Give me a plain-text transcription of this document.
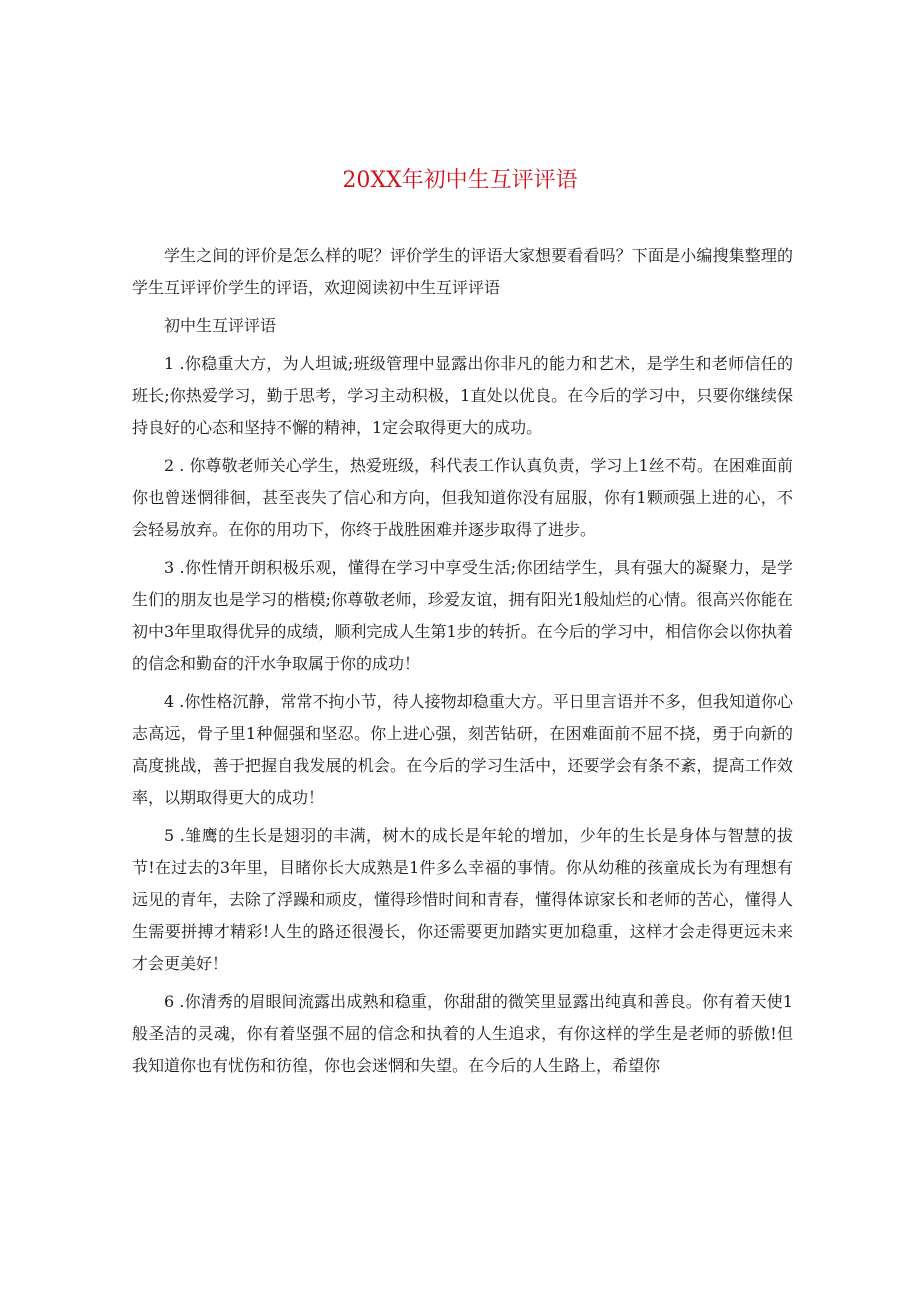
20XX年初中生互评评语

学生之间的评价是怎么样的呢？评价学生的评语大家想要看看吗？下面是小编搜集整理的学生互评评价学生的评语，欢迎阅读初中生互评评语

初中生互评评语

1 .你稳重大方，为人坦诚;班级管理中显露出你非凡的能力和艺术，是学生和老师信任的班长;你热爱学习，勤于思考，学习主动积极，1直处以优良。在今后的学习中，只要你继续保持良好的心态和坚持不懈的精神，1定会取得更大的成功。

2 . 你尊敬老师关心学生，热爱班级，科代表工作认真负责，学习上1丝不苟。在困难面前你也曾迷惘徘徊，甚至丧失了信心和方向，但我知道你没有屈服，你有1颗顽强上进的心，不会轻易放弃。在你的用功下，你终于战胜困难并逐步取得了进步。

3 .你性情开朗积极乐观，懂得在学习中享受生活;你团结学生，具有强大的凝聚力，是学生们的朋友也是学习的楷模;你尊敬老师，珍爱友谊，拥有阳光1般灿烂的心情。很高兴你能在初中3年里取得优异的成绩，顺利完成人生第1步的转折。在今后的学习中，相信你会以你执着的信念和勤奋的汗水争取属于你的成功！

4 .你性格沉静，常常不拘小节，待人接物却稳重大方。平日里言语并不多，但我知道你心志高远，骨子里1种倔强和坚忍。你上进心强，刻苦钻研，在困难面前不屈不挠，勇于向新的高度挑战，善于把握自我发展的机会。在今后的学习生活中，还要学会有条不紊，提高工作效率，以期取得更大的成功！

5 .雏鹰的生长是翅羽的丰满，树木的成长是年轮的增加，少年的生长是身体与智慧的拔节!在过去的3年里，目睹你长大成熟是1件多么幸福的事情。你从幼稚的孩童成长为有理想有远见的青年，去除了浮躁和顽皮，懂得珍惜时间和青春，懂得体谅家长和老师的苦心，懂得人生需要拼搏才精彩!人生的路还很漫长，你还需要更加踏实更加稳重，这样才会走得更远未来才会更美好！

6 .你清秀的眉眼间流露出成熟和稳重，你甜甜的微笑里显露出纯真和善良。你有着天使1般圣洁的灵魂，你有着坚强不屈的信念和执着的人生追求，有你这样的学生是老师的骄傲!但我知道你也有忧伤和彷徨，你也会迷惘和失望。在今后的人生路上，希望你
